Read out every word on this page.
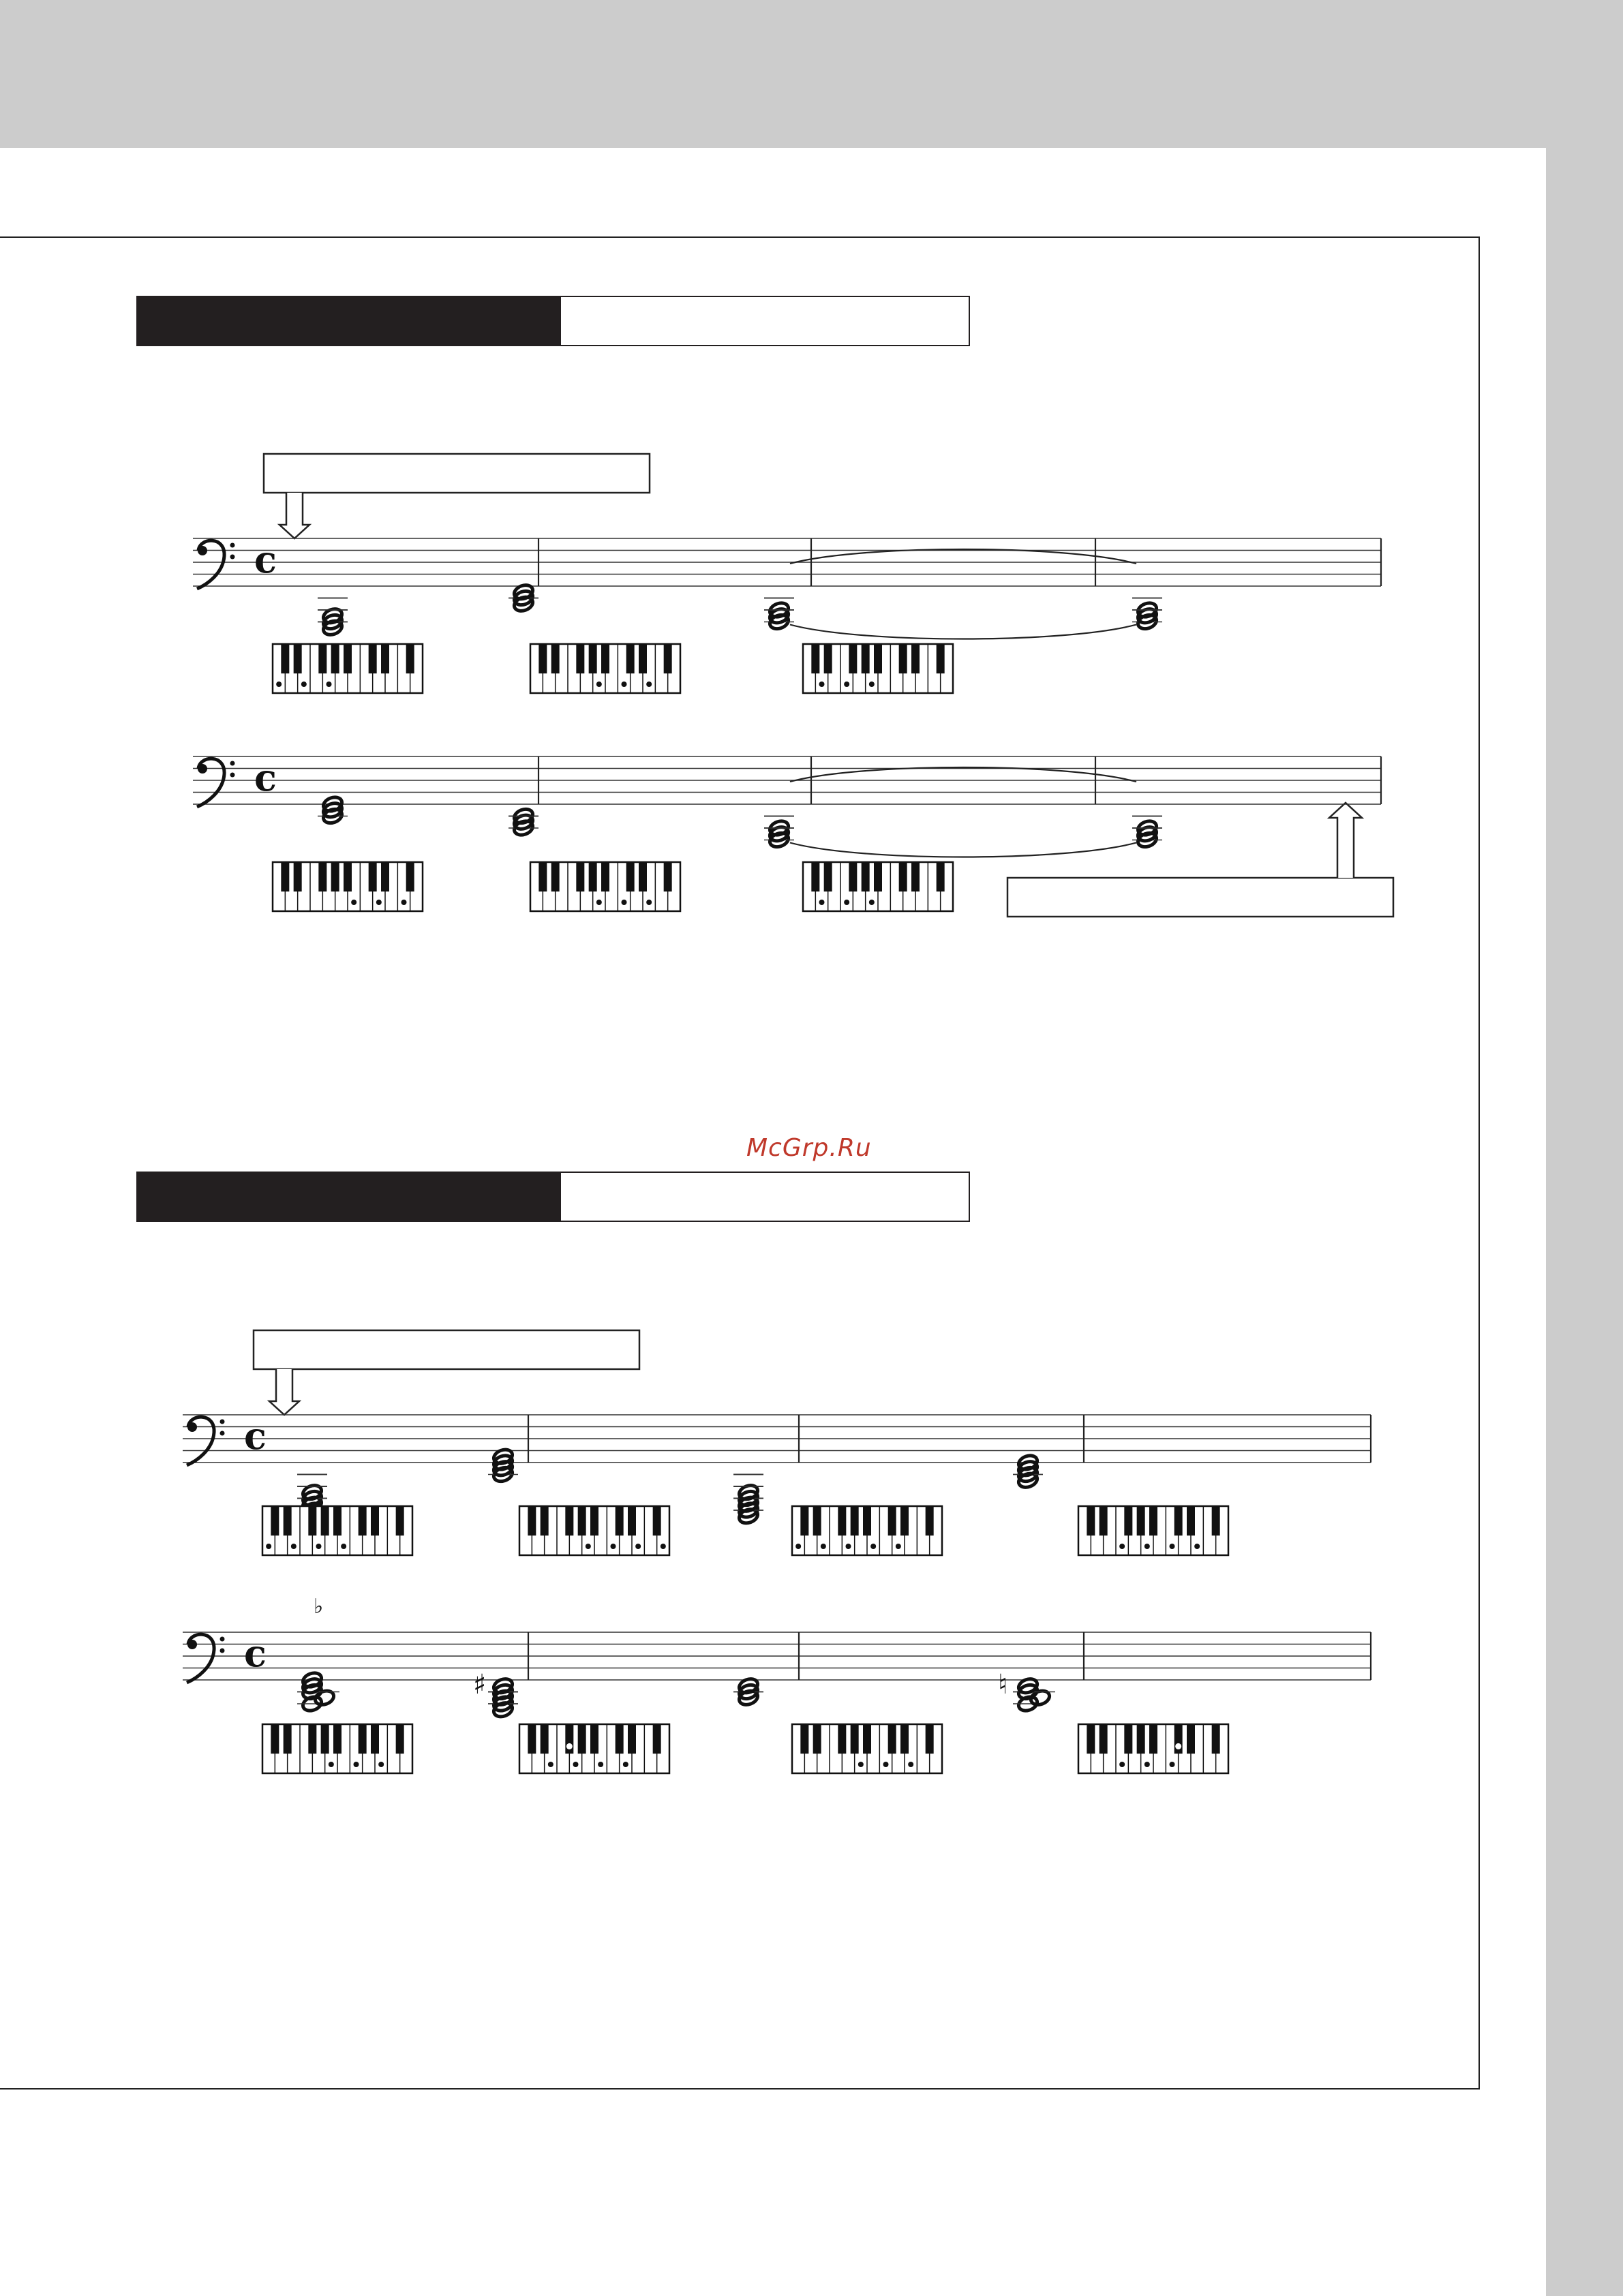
McGrp.Ru
c
c
c
c
♭
♯	♮
